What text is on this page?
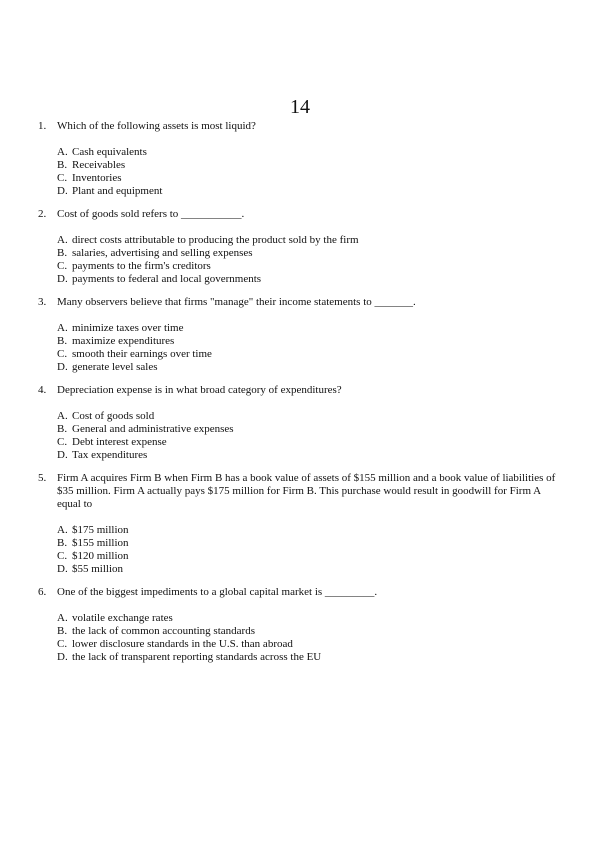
14
1. Which of the following assets is most liquid?
A. Cash equivalents
B. Receivables
C. Inventories
D. Plant and equipment
2. Cost of goods sold refers to ___________.
A. direct costs attributable to producing the product sold by the firm
B. salaries, advertising and selling expenses
C. payments to the firm's creditors
D. payments to federal and local governments
3. Many observers believe that firms "manage" their income statements to _______.
A. minimize taxes over time
B. maximize expenditures
C. smooth their earnings over time
D. generate level sales
4. Depreciation expense is in what broad category of expenditures?
A. Cost of goods sold
B. General and administrative expenses
C. Debt interest expense
D. Tax expenditures
5. Firm A acquires Firm B when Firm B has a book value of assets of $155 million and a book value of liabilities of $35 million. Firm A actually pays $175 million for Firm B. This purchase would result in goodwill for Firm A equal to
A. $175 million
B. $155 million
C. $120 million
D. $55 million
6. One of the biggest impediments to a global capital market is _________.
A. volatile exchange rates
B. the lack of common accounting standards
C. lower disclosure standards in the U.S. than abroad
D. the lack of transparent reporting standards across the EU
